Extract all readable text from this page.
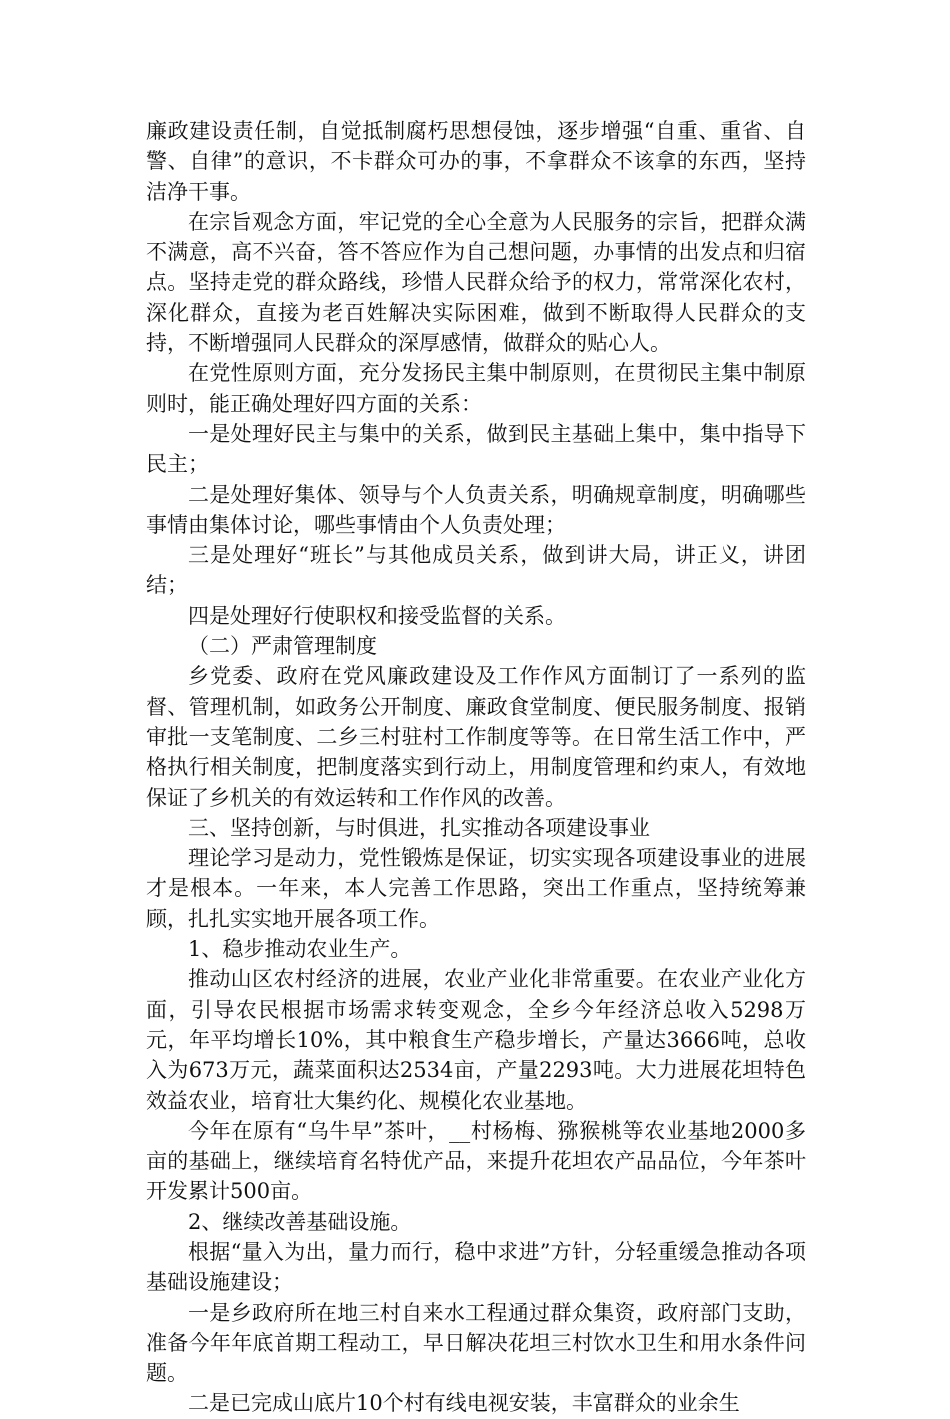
廉政建设责任制，自觉抵制腐朽思想侵蚀，逐步增强“自重、重省、自警、自律”的意识，不卡群众可办的事，不拿群众不该拿的东西，坚持洁净干事。

在宗旨观念方面，牢记党的全心全意为人民服务的宗旨，把群众满不满意，高不兴奋，答不答应作为自己想问题，办事情的出发点和归宿点。坚持走党的群众路线，珍惜人民群众给予的权力，常常深化农村，深化群众，直接为老百姓解决实际困难，做到不断取得人民群众的支持，不断增强同人民群众的深厚感情，做群众的贴心人。

在党性原则方面，充分发扬民主集中制原则，在贯彻民主集中制原则时，能正确处理好四方面的关系：

一是处理好民主与集中的关系，做到民主基础上集中，集中指导下民主；

二是处理好集体、领导与个人负责关系，明确规章制度，明确哪些事情由集体讨论，哪些事情由个人负责处理；

三是处理好“班长”与其他成员关系，做到讲大局，讲正义，讲团结；

四是处理好行使职权和接受监督的关系。

（二）严肃管理制度

乡党委、政府在党风廉政建设及工作作风方面制订了一系列的监督、管理机制，如政务公开制度、廉政食堂制度、便民服务制度、报销审批一支笔制度、二乡三村驻村工作制度等等。在日常生活工作中，严格执行相关制度，把制度落实到行动上，用制度管理和约束人，有效地保证了乡机关的有效运转和工作作风的改善。

三、坚持创新，与时俱进，扎实推动各项建设事业

理论学习是动力，党性锻炼是保证，切实实现各项建设事业的进展才是根本。一年来，本人完善工作思路，突出工作重点，坚持统筹兼顾，扎扎实实地开展各项工作。

1、稳步推动农业生产。

推动山区农村经济的进展，农业产业化非常重要。在农业产业化方面，引导农民根据市场需求转变观念，全乡今年经济总收入5298万元，年平均增长10%，其中粮食生产稳步增长，产量达3666吨，总收入为673万元，蔬菜面积达2534亩，产量2293吨。大力进展花坦特色效益农业，培育壮大集约化、规模化农业基地。

今年在原有“乌牛早”茶叶，__村杨梅、猕猴桃等农业基地2000多亩的基础上，继续培育名特优产品，来提升花坦农产品品位，今年茶叶开发累计500亩。

2、继续改善基础设施。

根据“量入为出，量力而行，稳中求进”方针，分轻重缓急推动各项基础设施建设；

一是乡政府所在地三村自来水工程通过群众集资，政府部门支助，准备今年年底首期工程动工，早日解决花坦三村饮水卫生和用水条件问题。

二是已完成山底片10个村有线电视安装，丰富群众的业余生
